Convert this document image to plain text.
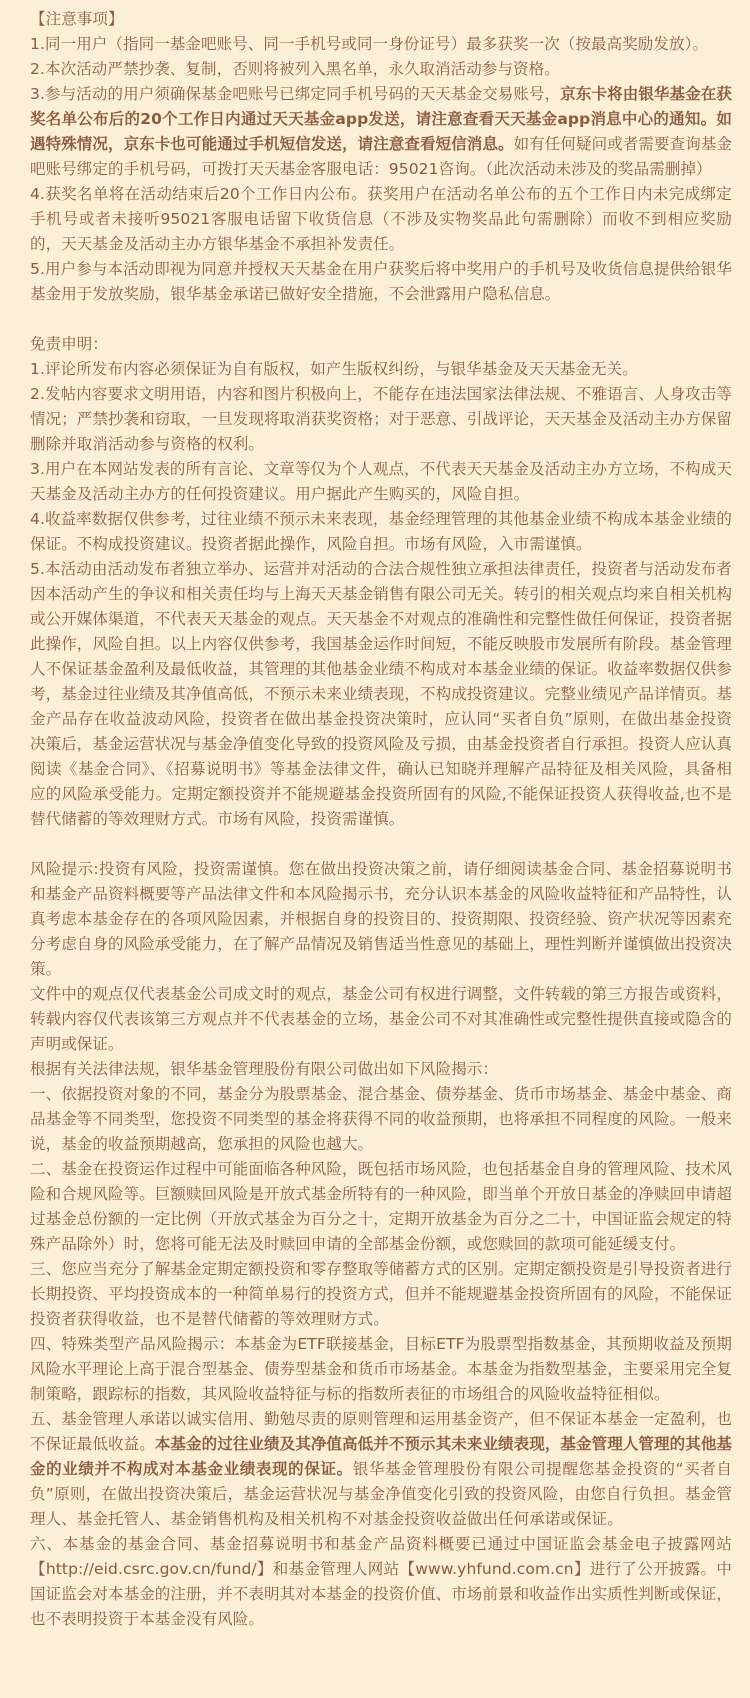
【注意事项】
1.同一用户（指同一基金吧账号、同一手机号或同一身份证号）最多获奖一次（按最高奖励发放）。
2.本次活动严禁抄袭、复制，否则将被列入黑名单，永久取消活动参与资格。
3.参与活动的用户须确保基金吧账号已绑定同手机号码的天天基金交易账号，京东卡将由银华基金在获奖名单公布后的20个工作日内通过天天基金app发送，请注意查看天天基金app消息中心的通知。如遇特殊情况，京东卡也可能通过手机短信发送，请注意查看短信消息。如有任何疑问或者需要查询基金吧账号绑定的手机号码，可拨打天天基金客服电话：95021咨询。（此次活动未涉及的奖品需删掉）
4.获奖名单将在活动结束后20个工作日内公布。获奖用户在活动名单公布的五个工作日内未完成绑定手机号或者未接听95021客服电话留下收货信息（不涉及实物奖品此句需删除）而收不到相应奖励的，天天基金及活动主办方银华基金不承担补发责任。
5.用户参与本活动即视为同意并授权天天基金在用户获奖后将中奖用户的手机号及收货信息提供给银华基金用于发放奖励，银华基金承诺已做好安全措施，不会泄露用户隐私信息。
免责申明：
1.评论所发布内容必须保证为自有版权，如产生版权纠纷，与银华基金及天天基金无关。
2.发帖内容要求文明用语，内容和图片积极向上，不能存在违法国家法律法规、不雅语言、人身攻击等情况；严禁抄袭和窃取，一旦发现将取消获奖资格；对于恶意、引战评论，天天基金及活动主办方保留删除并取消活动参与资格的权利。
3.用户在本网站发表的所有言论、文章等仅为个人观点，不代表天天基金及活动主办方立场，不构成天天基金及活动主办方的任何投资建议。用户据此产生购买的，风险自担。
4.收益率数据仅供参考，过往业绩不预示未来表现，基金经理管理的其他基金业绩不构成本基金业绩的保证。不构成投资建议。投资者据此操作，风险自担。市场有风险，入市需谨慎。
5.本活动由活动发布者独立举办、运营并对活动的合法合规性独立承担法律责任，投资者与活动发布者因本活动产生的争议和相关责任均与上海天天基金销售有限公司无关。转引的相关观点均来自相关机构或公开媒体渠道，不代表天天基金的观点。天天基金不对观点的准确性和完整性做任何保证，投资者据此操作，风险自担。以上内容仅供参考，我国基金运作时间短，不能反映股市发展所有阶段。基金管理人不保证基金盈利及最低收益，其管理的其他基金业绩不构成对本基金业绩的保证。收益率数据仅供参考，基金过往业绩及其净值高低，不预示未来业绩表现，不构成投资建议。完整业绩见产品详情页。基金产品存在收益波动风险，投资者在做出基金投资决策时，应认同“买者自负”原则，在做出基金投资决策后，基金运营状况与基金净值变化导致的投资风险及亏损，由基金投资者自行承担。投资人应认真阅读《基金合同》、《招募说明书》等基金法律文件，确认已知晓并理解产品特征及相关风险，具备相应的风险承受能力。定期定额投资并不能规避基金投资所固有的风险,不能保证投资人获得收益,也不是替代储蓄的等效理财方式。市场有风险，投资需谨慎。
风险提示:投资有风险，投资需谨慎。您在做出投资决策之前，请仔细阅读基金合同、基金招募说明书和基金产品资料概要等产品法律文件和本风险揭示书，充分认识本基金的风险收益特征和产品特性，认真考虑本基金存在的各项风险因素，并根据自身的投资目的、投资期限、投资经验、资产状况等因素充分考虑自身的风险承受能力，在了解产品情况及销售适当性意见的基础上，理性判断并谨慎做出投资决策。
文件中的观点仅代表基金公司成文时的观点，基金公司有权进行调整，文件转载的第三方报告或资料，转载内容仅代表该第三方观点并不代表基金的立场，基金公司不对其准确性或完整性提供直接或隐含的声明或保证。
根据有关法律法规，银华基金管理股份有限公司做出如下风险揭示：
一、依据投资对象的不同，基金分为股票基金、混合基金、债券基金、货币市场基金、基金中基金、商品基金等不同类型，您投资不同类型的基金将获得不同的收益预期，也将承担不同程度的风险。一般来说，基金的收益预期越高，您承担的风险也越大。
二、基金在投资运作过程中可能面临各种风险，既包括市场风险，也包括基金自身的管理风险、技术风险和合规风险等。巨额赎回风险是开放式基金所特有的一种风险，即当单个开放日基金的净赎回申请超过基金总份额的一定比例（开放式基金为百分之十，定期开放基金为百分之二十，中国证监会规定的特殊产品除外）时，您将可能无法及时赎回申请的全部基金份额，或您赎回的款项可能延缓支付。
三、您应当充分了解基金定期定额投资和零存整取等储蓄方式的区别。定期定额投资是引导投资者进行长期投资、平均投资成本的一种简单易行的投资方式，但并不能规避基金投资所固有的风险，不能保证投资者获得收益，也不是替代储蓄的等效理财方式。
四、特殊类型产品风险揭示：本基金为ETF联接基金，目标ETF为股票型指数基金，其预期收益及预期风险水平理论上高于混合型基金、债券型基金和货币市场基金。本基金为指数型基金，主要采用完全复制策略，跟踪标的指数，其风险收益特征与标的指数所表征的市场组合的风险收益特征相似。
五、基金管理人承诺以诚实信用、勤勉尽责的原则管理和运用基金资产，但不保证本基金一定盈利，也不保证最低收益。本基金的过往业绩及其净值高低并不预示其未来业绩表现，基金管理人管理的其他基金的业绩并不构成对本基金业绩表现的保证。银华基金管理股份有限公司提醒您基金投资的“买者自负”原则，在做出投资决策后，基金运营状况与基金净值变化引致的投资风险，由您自行负担。基金管理人、基金托管人、基金销售机构及相关机构不对基金投资收益做出任何承诺或保证。
六、本基金的基金合同、基金招募说明书和基金产品资料概要已通过中国证监会基金电子披露网站【http://eid.csrc.gov.cn/fund/】和基金管理人网站【www.yhfund.com.cn】进行了公开披露。中国证监会对本基金的注册，并不表明其对本基金的投资价值、市场前景和收益作出实质性判断或保证，也不表明投资于本基金没有风险。
